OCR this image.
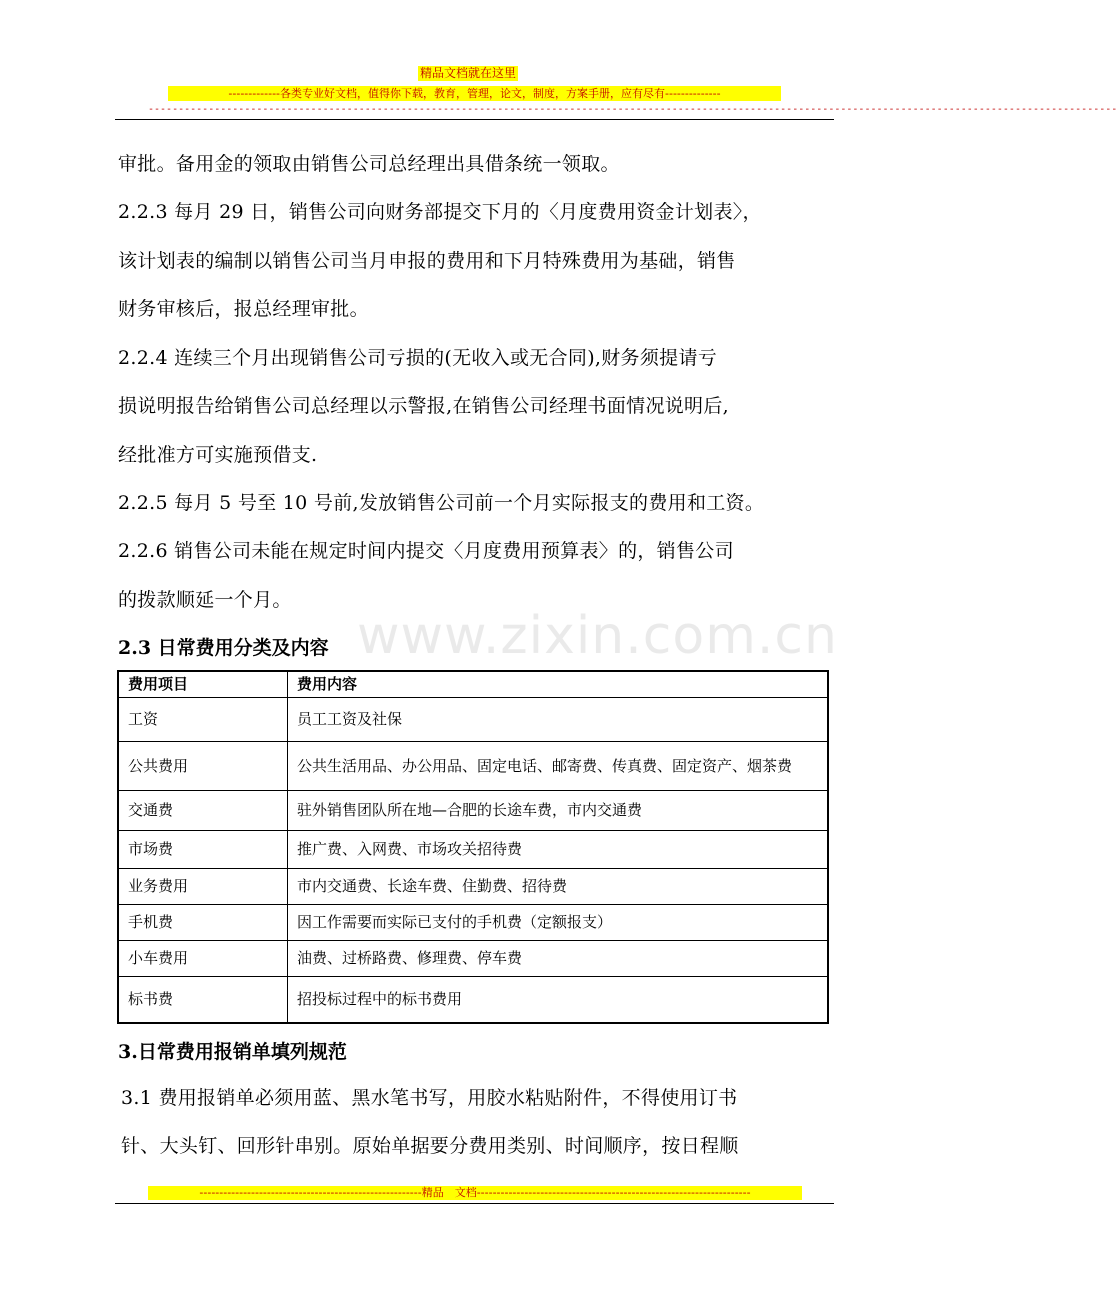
精品文档就在这里
-------------各类专业好文档，值得你下载，教育，管理，论文，制度，方案手册，应有尽有--------------
-----------------------------------------------------------------------------------------------------------------------------------------------------------------
审批。备用金的领取由销售公司总经理出具借条统一领取。
2.2.3 每月 29 日，销售公司向财务部提交下月的〈月度费用资金计划表〉，
该计划表的编制以销售公司当月申报的费用和下月特殊费用为基础，销售
财务审核后，报总经理审批。
2.2.4 连续三个月出现销售公司亏损的(无收入或无合同),财务须提请亏
损说明报告给销售公司总经理以示警报,在销售公司经理书面情况说明后,
经批准方可实施预借支.
2.2.5 每月 5 号至 10 号前,发放销售公司前一个月实际报支的费用和工资。
2.2.6 销售公司未能在规定时间内提交〈月度费用预算表〉的，销售公司
的拨款顺延一个月。
www.zixin.com.cn
2.3 日常费用分类及内容
费用项目	费用内容
工资	员工工资及社保
公共费用	公共生活用品、办公用品、固定电话、邮寄费、传真费、固定资产、烟茶费
交通费	驻外销售团队所在地—合肥的长途车费，市内交通费
市场费	推广费、入网费、市场攻关招待费
业务费用	市内交通费、长途车费、住勤费、招待费
手机费	因工作需要而实际已支付的手机费（定额报支）
小车费用	油费、过桥路费、修理费、停车费
标书费	招投标过程中的标书费用
3.日常费用报销单填列规范
3.1 费用报销单必须用蓝、黑水笔书写，用胶水粘贴附件，不得使用订书
针、大头钉、回形针串别。原始单据要分费用类别、时间顺序，按日程顺
--------------------------------------------------------精品　文档---------------------------------------------------------------------
